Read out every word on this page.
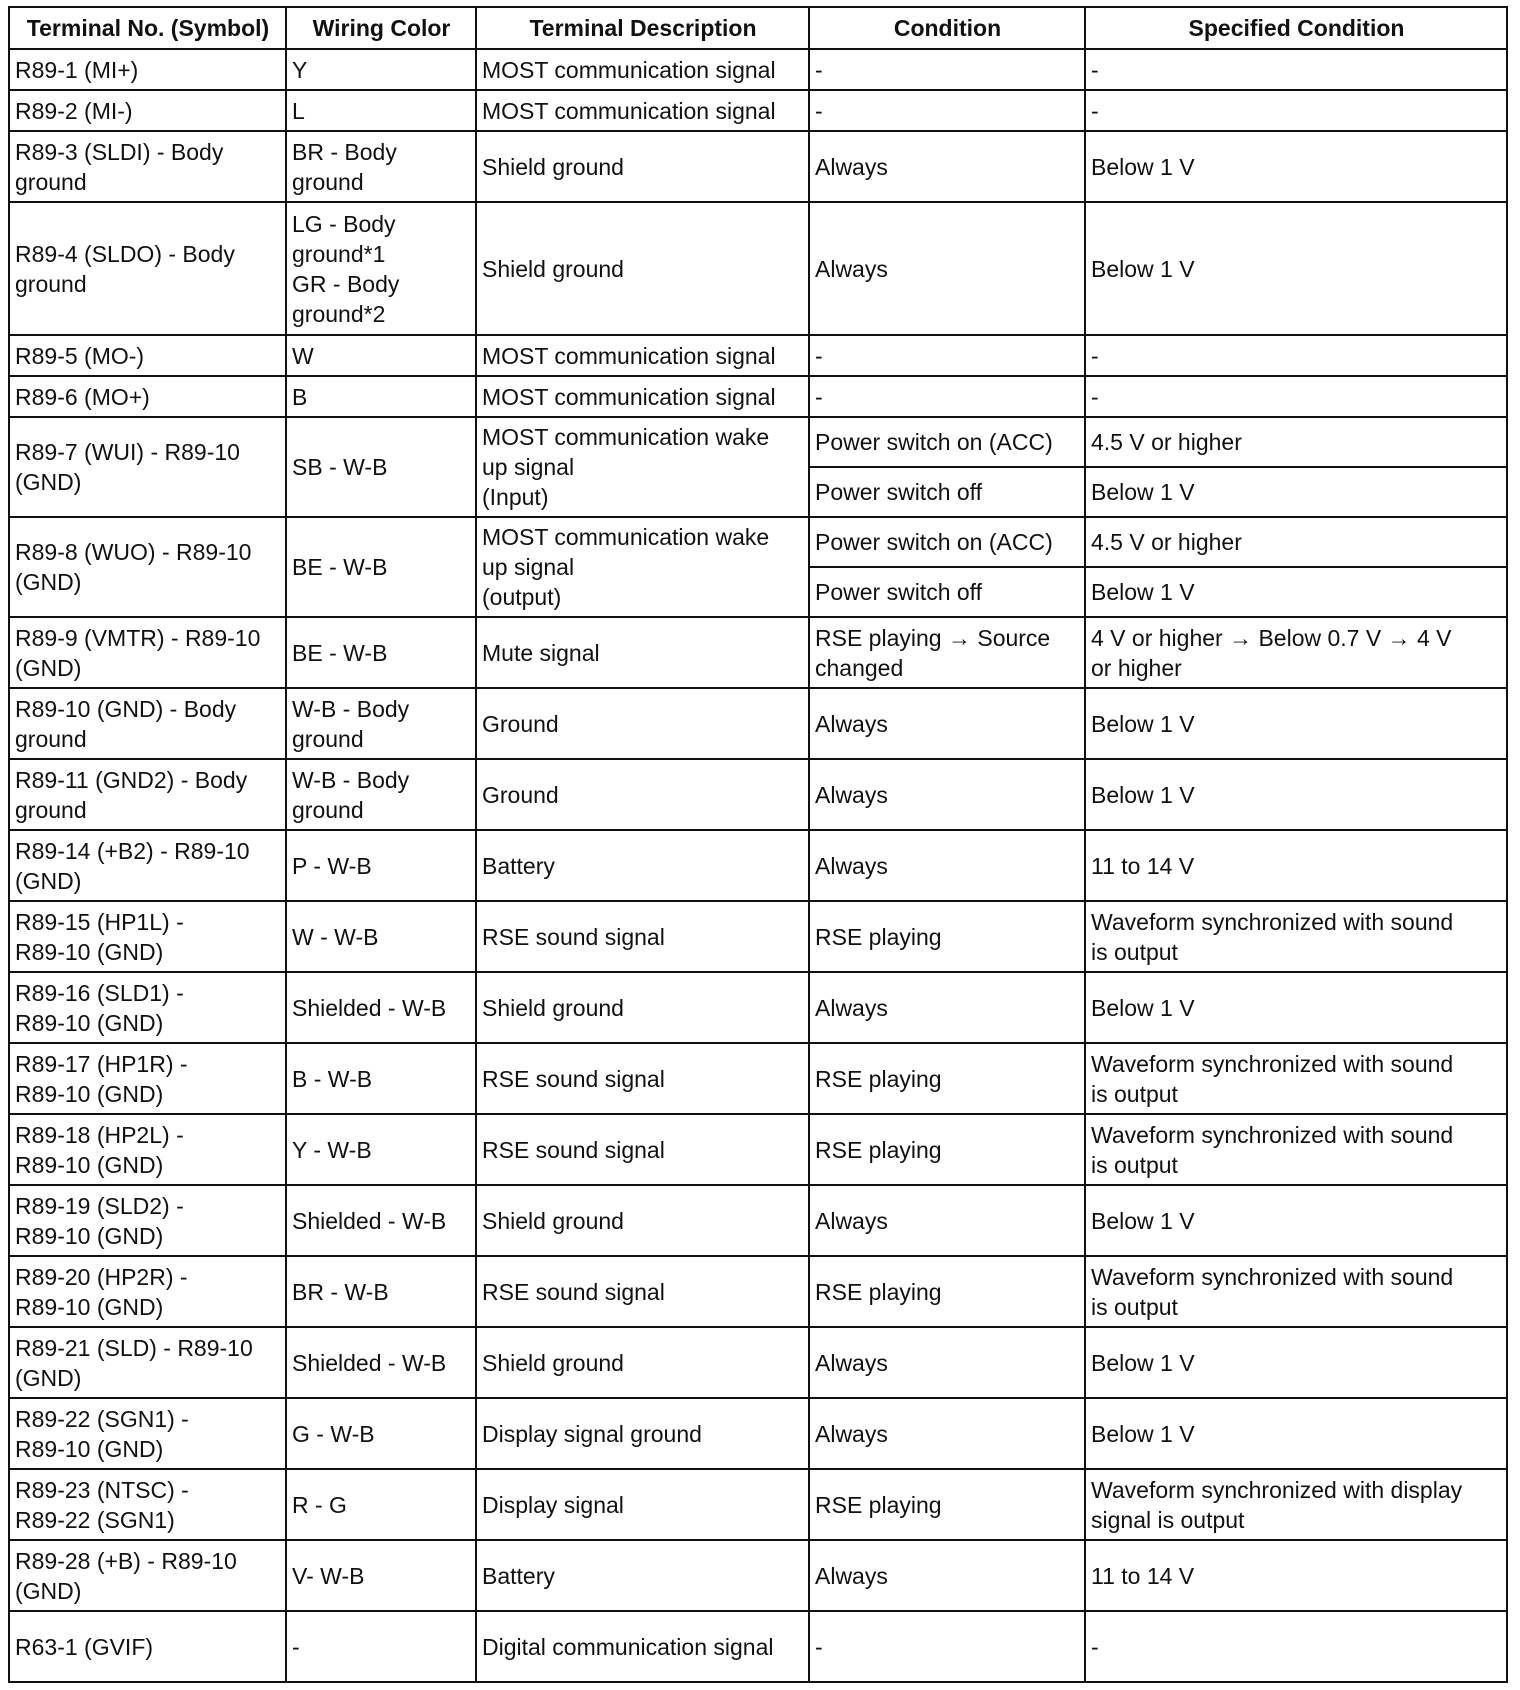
Terminal No. (Symbol)	Wiring Color	Terminal Description	Condition	Specified Condition
R89-1 (MI+)	Y	MOST communication signal	-	-
R89-2 (MI-)	L	MOST communication signal	-	-
R89-3 (SLDI) - Body
ground	BR - Body
ground	Shield ground	Always	Below 1 V
R89-4 (SLDO) - Body
ground	LG - Body
ground*1
GR - Body
ground*2	Shield ground	Always	Below 1 V
R89-5 (MO-)	W	MOST communication signal	-	-
R89-6 (MO+)	B	MOST communication signal	-	-
R89-7 (WUI) - R89-10
(GND)	SB - W-B	MOST communication wake
up signal
(Input)	Power switch on (ACC)	4.5 V or higher
			Power switch off	Below 1 V
R89-8 (WUO) - R89-10
(GND)	BE - W-B	MOST communication wake
up signal
(output)	Power switch on (ACC)	4.5 V or higher
			Power switch off	Below 1 V
R89-9 (VMTR) - R89-10
(GND)	BE - W-B	Mute signal	RSE playing → Source
changed	4 V or higher → Below 0.7 V → 4 V
or higher
R89-10 (GND) - Body
ground	W-B - Body
ground	Ground	Always	Below 1 V
R89-11 (GND2) - Body
ground	W-B - Body
ground	Ground	Always	Below 1 V
R89-14 (+B2) - R89-10
(GND)	P - W-B	Battery	Always	11 to 14 V
R89-15 (HP1L) -
R89-10 (GND)	W - W-B	RSE sound signal	RSE playing	Waveform synchronized with sound
is output
R89-16 (SLD1) -
R89-10 (GND)	Shielded - W-B	Shield ground	Always	Below 1 V
R89-17 (HP1R) -
R89-10 (GND)	B - W-B	RSE sound signal	RSE playing	Waveform synchronized with sound
is output
R89-18 (HP2L) -
R89-10 (GND)	Y - W-B	RSE sound signal	RSE playing	Waveform synchronized with sound
is output
R89-19 (SLD2) -
R89-10 (GND)	Shielded - W-B	Shield ground	Always	Below 1 V
R89-20 (HP2R) -
R89-10 (GND)	BR - W-B	RSE sound signal	RSE playing	Waveform synchronized with sound
is output
R89-21 (SLD) - R89-10
(GND)	Shielded - W-B	Shield ground	Always	Below 1 V
R89-22 (SGN1) -
R89-10 (GND)	G - W-B	Display signal ground	Always	Below 1 V
R89-23 (NTSC) -
R89-22 (SGN1)	R - G	Display signal	RSE playing	Waveform synchronized with display
signal is output
R89-28 (+B) - R89-10
(GND)	V- W-B	Battery	Always	11 to 14 V
R63-1 (GVIF)	-	Digital communication signal	-	-
